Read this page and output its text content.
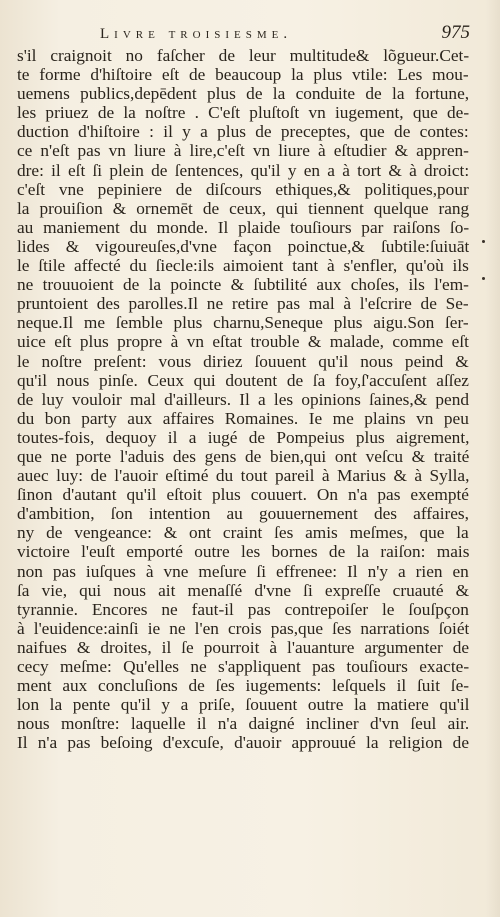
Livre troisiesme.	975
s'il craignoit no faſcher de leur multitude& lõgueur.Cet-
te forme d'hiſtoire eſt de beaucoup la plus vtile: Les mou-
uemens publics,depēdent plus de la conduite de la fortune,
les priuez de la noſtre . C'eſt pluſtoſt vn iugement, que de-
duction d'hiſtoire : il y a plus de preceptes, que de contes:
ce n'eſt pas vn liure à lire,c'eſt vn liure à eſtudier & appren-
dre: il eſt ſi plein de ſentences, qu'il y en a à tort & à droict:
c'eſt vne pepiniere de diſcours ethiques,& politiques,pour
la prouiſion & ornemēt de ceux, qui tiennent quelque rang
au maniement du monde. Il plaide touſiours par raiſons ſo-
lides & vigoureuſes,d'vne façon poinctue,& ſubtile:ſuiuāt
le ſtile affecté du ſiecle:ils aimoient tant à s'enfler, qu'où ils
ne trouuoient de la poincte & ſubtilité aux choſes, ils l'em-
pruntoient des parolles.Il ne retire pas mal à l'eſcrire de Se-
neque.Il me ſemble plus charnu,Seneque plus aigu.Son ſer-
uice eſt plus propre à vn eſtat trouble & malade, comme eſt
le noſtre preſent: vous diriez ſouuent qu'il nous peind &
qu'il nous pinſe. Ceux qui doutent de ſa foy,ſ'accuſent aſſez
de luy vouloir mal d'ailleurs. Il a les opinions ſaines,& pend
du bon party aux affaires Romaines. Ie me plains vn peu
toutes-fois, dequoy il a iugé de Pompeius plus aigrement,
que ne porte l'aduis des gens de bien,qui ont veſcu & traité
auec luy: de l'auoir eſtimé du tout pareil à Marius & à Sylla,
ſinon d'autant qu'il eſtoit plus couuert. On n'a pas exempté
d'ambition, ſon intention au gouuernement des affaires,
ny de vengeance: & ont craint ſes amis meſmes, que la
victoire l'euſt emporté outre les bornes de la raiſon: mais
non pas iuſques à vne meſure ſi effrenee: Il n'y a rien en
ſa vie, qui nous ait menaſſé d'vne ſi expreſſe cruauté &
tyrannie. Encores ne faut-il pas contrepoiſer le ſouſpçon
à l'euidence:ainſi ie ne l'en crois pas,que ſes narrations ſoiét
naifues & droites, il ſe pourroit à l'auanture argumenter de
cecy meſme: Qu'elles ne s'appliquent pas touſiours exacte-
ment aux concluſions de ſes iugements: leſquels il ſuit ſe-
lon la pente qu'il y a priſe, ſouuent outre la matiere qu'il
nous monſtre: laquelle il n'a daigné incliner d'vn ſeul air.
Il n'a pas beſoing d'excuſe, d'auoir approuué la religion de
